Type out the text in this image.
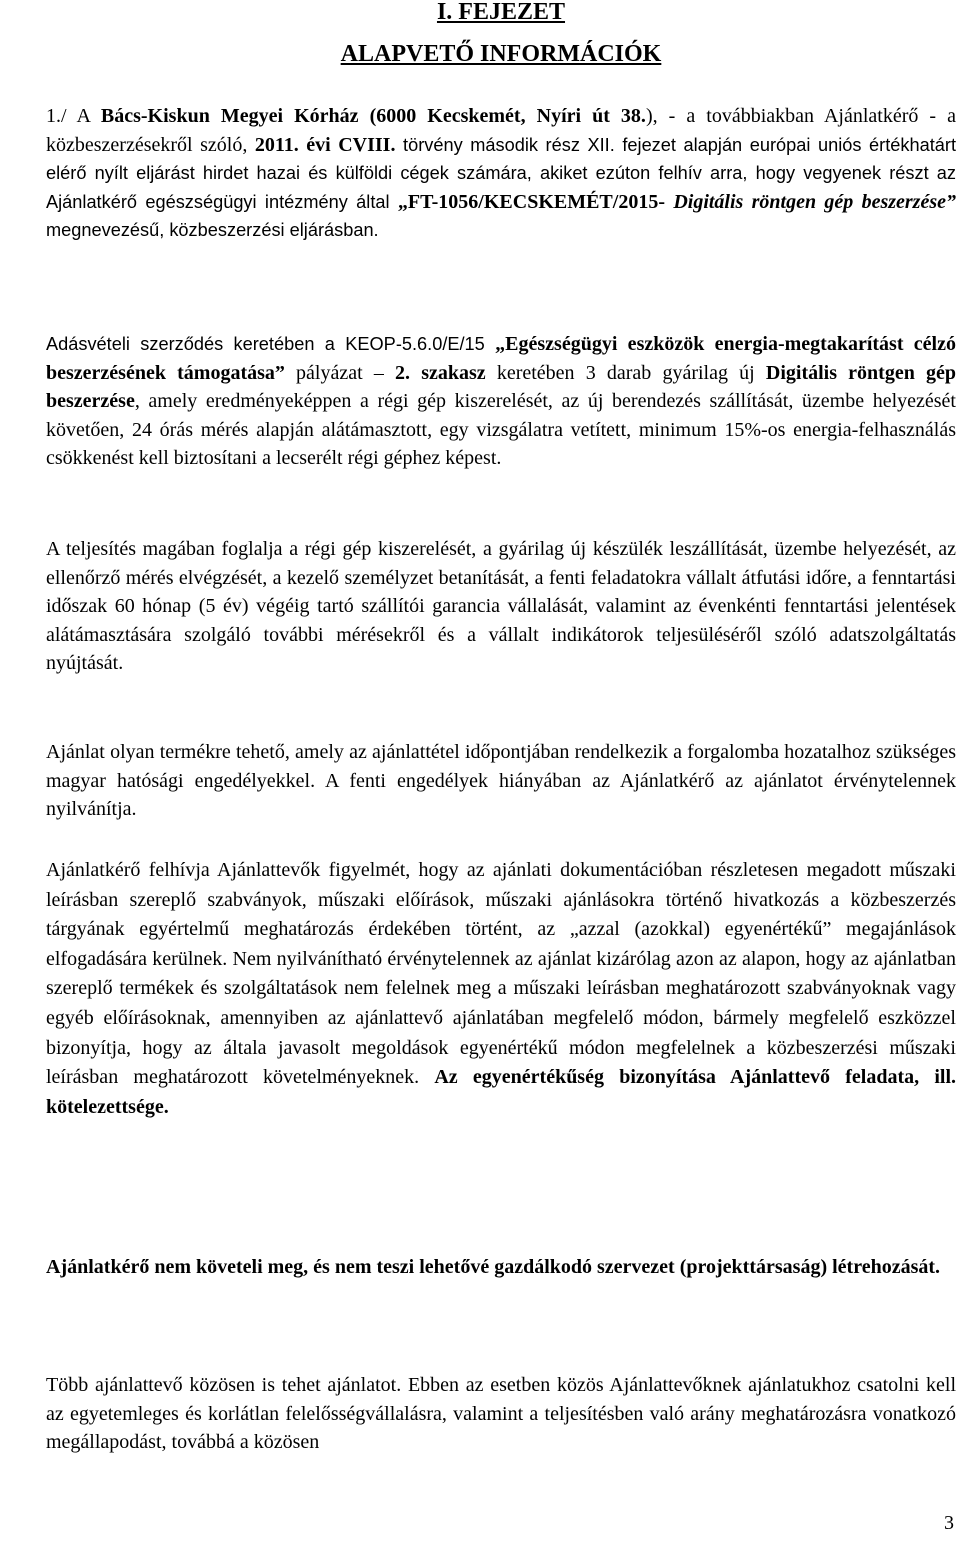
I. FEJEZET
ALAPVETŐ INFORMÁCIÓK

1./ A Bács-Kiskun Megyei Kórház (6000 Kecskemét, Nyíri út 38.), - a továbbiakban Ajánlatkérő - a közbeszerzésekről szóló, 2011. évi CVIII. törvény második rész XII. fejezet alapján európai uniós értékhatárt elérő nyílt eljárást hirdet hazai és külföldi cégek számára, akiket ezúton felhív arra, hogy vegyenek részt az Ajánlatkérő egészségügyi intézmény által „FT-1056/KECSKEMÉT/2015- Digitális röntgen gép beszerzése” megnevezésű, közbeszerzési eljárásban.

Adásvételi szerződés keretében a KEOP-5.6.0/E/15 „Egészségügyi eszközök energia-megtakarítást célzó beszerzésének támogatása” pályázat – 2. szakasz keretében 3 darab gyárilag új Digitális röntgen gép beszerzése, amely eredményeképpen a régi gép kiszerelését, az új berendezés szállítását, üzembe helyezését követően, 24 órás mérés alapján alátámasztott, egy vizsgálatra vetített, minimum 15%-os energia-felhasználás csökkenést kell biztosítani a lecserélt régi géphez képest.

A teljesítés magában foglalja a régi gép kiszerelését, a gyárilag új készülék leszállítását, üzembe helyezését, az ellenőrző mérés elvégzését, a kezelő személyzet betanítását, a fenti feladatokra vállalt átfutási időre, a fenntartási időszak 60 hónap (5 év) végéig tartó szállítói garancia vállalását, valamint az évenkénti fenntartási jelentések alátámasztására szolgáló további mérésekről és a vállalt indikátorok teljesüléséről szóló adatszolgáltatás nyújtását.

Ajánlat olyan termékre tehető, amely az ajánlattétel időpontjában rendelkezik a forgalomba hozatalhoz szükséges magyar hatósági engedélyekkel. A fenti engedélyek hiányában az Ajánlatkérő az ajánlatot érvénytelennek nyilvánítja.

Ajánlatkérő felhívja Ajánlattevők figyelmét, hogy az ajánlati dokumentációban részletesen megadott műszaki leírásban szereplő szabványok, műszaki előírások, műszaki ajánlásokra történő hivatkozás a közbeszerzés tárgyának egyértelmű meghatározás érdekében történt, az „azzal (azokkal) egyenértékű” megajánlások elfogadására kerülnek. Nem nyilvánítható érvénytelennek az ajánlat kizárólag azon az alapon, hogy az ajánlatban szereplő termékek és szolgáltatások nem felelnek meg a műszaki leírásban meghatározott szabványoknak vagy egyéb előírásoknak, amennyiben az ajánlattevő ajánlatában megfelelő módon, bármely megfelelő eszközzel bizonyítja, hogy az általa javasolt megoldások egyenértékű módon megfelelnek a közbeszerzési műszaki leírásban meghatározott követelményeknek. Az egyenértékűség bizonyítása Ajánlattevő feladata, ill. kötelezettsége.

Ajánlatkérő nem követeli meg, és nem teszi lehetővé gazdálkodó szervezet (projekttársaság) létrehozását.

Több ajánlattevő közösen is tehet ajánlatot. Ebben az esetben közös Ajánlattevőknek ajánlatukhoz csatolni kell az egyetemleges és korlátlan felelősségvállalásra, valamint a teljesítésben való arány meghatározásra vonatkozó megállapodást, továbbá a közösen

3
